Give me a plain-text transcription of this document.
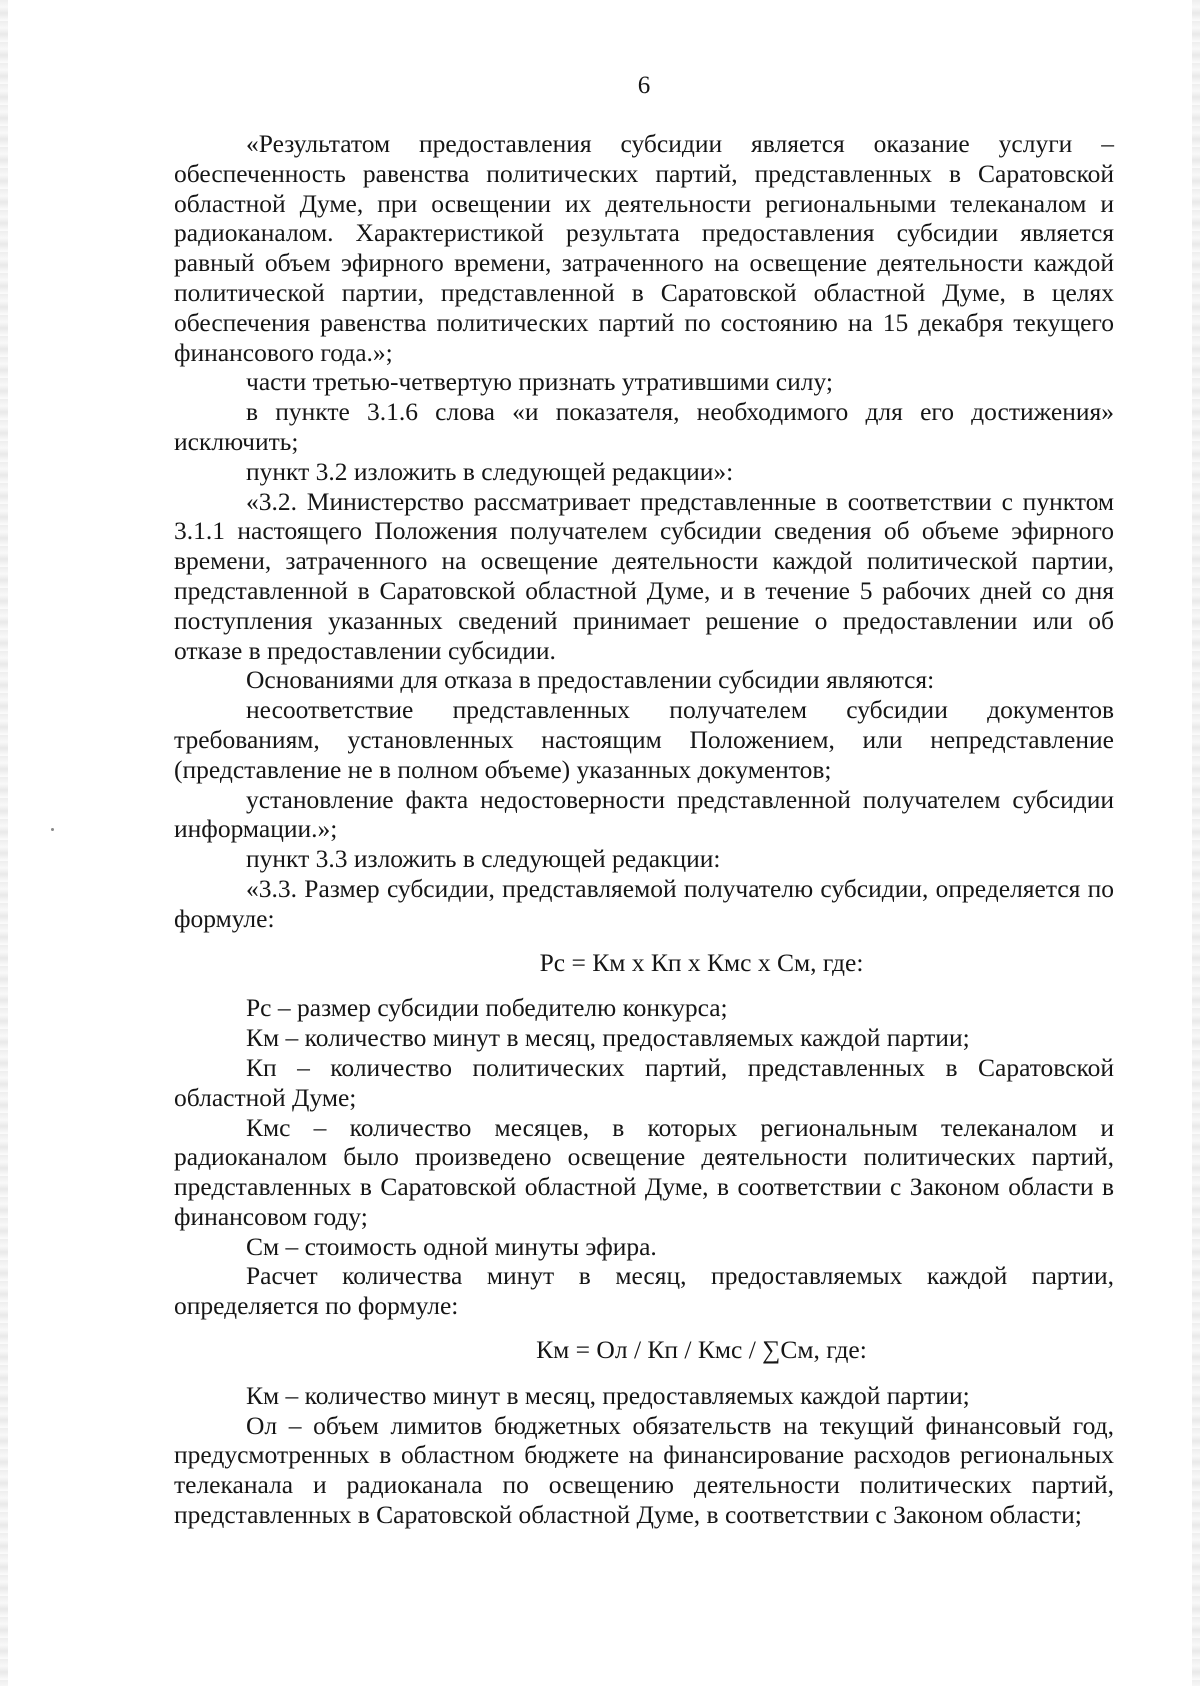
6

«Результатом предоставления субсидии является оказание услуги – обеспеченность равенства политических партий, представленных в Саратовской областной Думе, при освещении их деятельности региональными телеканалом и радиоканалом. Характеристикой результата предоставления субсидии является равный объем эфирного времени, затраченного на освещение деятельности каждой политической партии, представленной в Саратовской областной Думе, в целях обеспечения равенства политических партий по состоянию на 15 декабря текущего финансового года.»;

части третью-четвертую признать утратившими силу;

в пункте 3.1.6 слова «и показателя, необходимого для его достижения» исключить;

пункт 3.2 изложить в следующей редакции»:

«3.2. Министерство рассматривает представленные в соответствии с пунктом 3.1.1 настоящего Положения получателем субсидии сведения об объеме эфирного времени, затраченного на освещение деятельности каждой политической партии, представленной в Саратовской областной Думе, и в течение 5 рабочих дней со дня поступления указанных сведений принимает решение о предоставлении или об отказе в предоставлении субсидии.

Основаниями для отказа в предоставлении субсидии являются:

несоответствие представленных получателем субсидии документов требованиям, установленных настоящим Положением, или непредставление (представление не в полном объеме) указанных документов;

установление факта недостоверности представленной получателем субсидии информации.»;

пункт 3.3 изложить в следующей редакции:

«3.3. Размер субсидии, представляемой получателю субсидии, определяется по формуле:

Рс = Км х Кп х Кмс х См, где:

Рс – размер субсидии победителю конкурса;

Км – количество минут в месяц, предоставляемых каждой партии;

Кп – количество политических партий, представленных в Саратовской областной Думе;

Кмс – количество месяцев, в которых региональным телеканалом и радиоканалом было произведено освещение деятельности политических партий, представленных в Саратовской областной Думе, в соответствии с Законом области в финансовом году;

См – стоимость одной минуты эфира.

Расчет количества минут в месяц, предоставляемых каждой партии, определяется по формуле:

Км = Ол / Кп / Кмс / ∑См, где:

Км – количество минут в месяц, предоставляемых каждой партии;

Ол – объем лимитов бюджетных обязательств на текущий финансовый год, предусмотренных в областном бюджете на финансирование расходов региональных телеканала и радиоканала по освещению деятельности политических партий, представленных в Саратовской областной Думе, в соответствии с Законом области;
